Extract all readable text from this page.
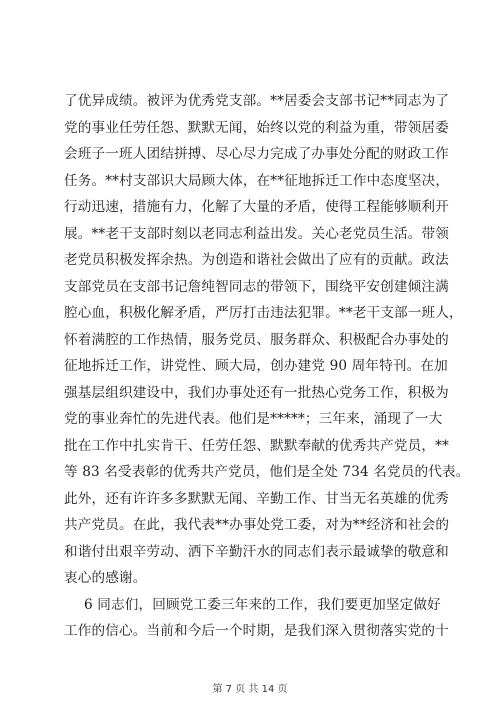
了优异成绩。被评为优秀党支部。**居委会支部书记**同志为了
党的事业任劳任怨、默默无闻，始终以党的利益为重，带领居委
会班子一班人团结拼搏、尽心尽力完成了办事处分配的财政工作
任务。**村支部识大局顾大体，在**征地拆迁工作中态度坚决，
行动迅速，措施有力，化解了大量的矛盾，使得工程能够顺利开
展。**老干支部时刻以老同志利益出发。关心老党员生活。带领
老党员积极发挥余热。为创造和谐社会做出了应有的贡献。政法
支部党员在支部书记詹纯智同志的带领下，围绕平安创建倾注满
腔心血，积极化解矛盾，严厉打击违法犯罪。**老干支部一班人，
怀着满腔的工作热情，服务党员、服务群众、积极配合办事处的
征地拆迁工作，讲党性、顾大局，创办建党 90 周年特刊。在加
强基层组织建设中，我们办事处还有一批热心党务工作，积极为
党的事业奔忙的先进代表。他们是*****；三年来，涌现了一大
批在工作中扎实肯干、任劳任怨、默默奉献的优秀共产党员，**
等 83 名受表彰的优秀共产党员，他们是全处 734 名党员的代表。
此外，还有许许多多默默无闻、辛勤工作、甘当无名英雄的优秀
共产党员。在此，我代表**办事处党工委，对为**经济和社会的
和谐付出艰辛劳动、洒下辛勤汗水的同志们表示最诚挚的敬意和
衷心的感谢。
6 同志们，回顾党工委三年来的工作，我们要更加坚定做好
工作的信心。当前和今后一个时期，是我们深入贯彻落实党的十
第 7 页 共 14 页
